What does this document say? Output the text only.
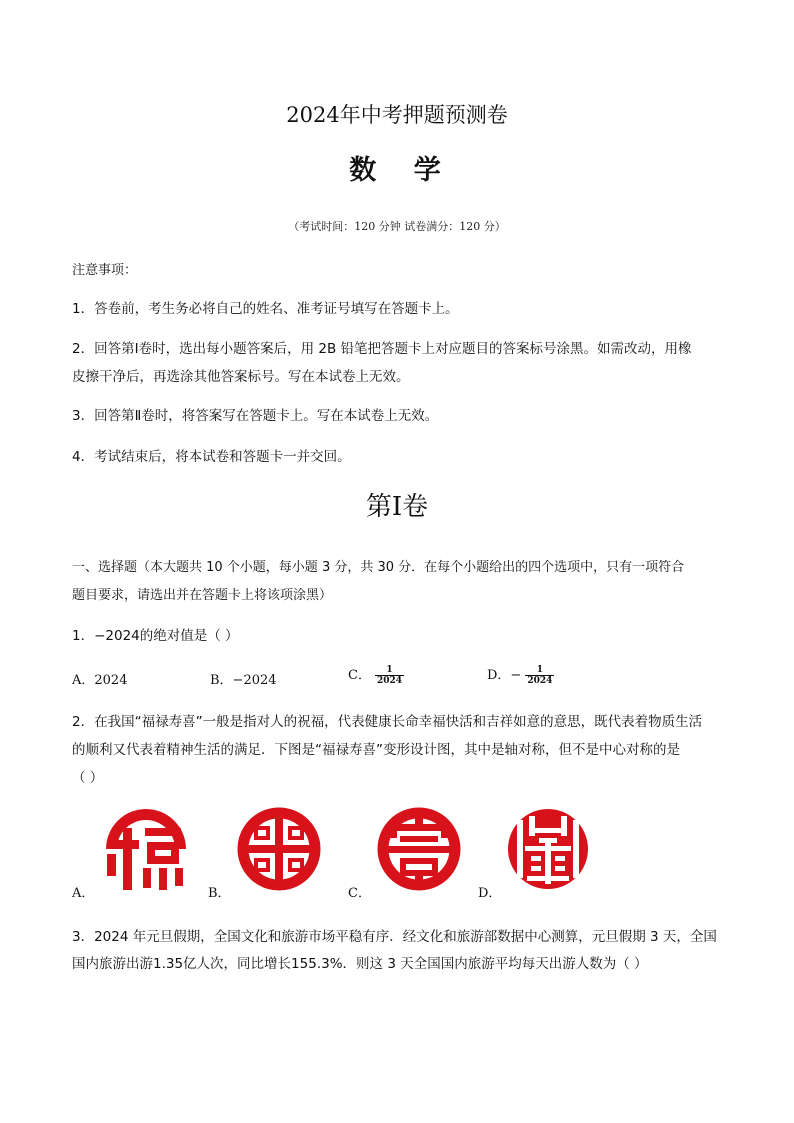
2024年中考押题预测卷
数 学
（考试时间：120 分钟 试卷满分：120 分）
注意事项：
1．答卷前，考生务必将自己的姓名、准考证号填写在答题卡上。
2．回答第Ⅰ卷时，选出每小题答案后，用 2B 铅笔把答题卡上对应题目的答案标号涂黑。如需改动，用橡
皮擦干净后，再选涂其他答案标号。写在本试卷上无效。
3．回答第Ⅱ卷时，将答案写在答题卡上。写在本试卷上无效。
4．考试结束后，将本试卷和答题卡一并交回。
第Ⅰ卷
一、选择题（本大题共 10 个小题，每小题 3 分，共 30 分．在每个小题给出的四个选项中，只有一项符合
题目要求，请选出并在答题卡上将该项涂黑）
1．−2024的绝对值是（ ）
A．2024	B．−2024	C． $\frac{1}{2024}$	D．− $\frac{1}{2024}$
2．在我国“福禄寿喜”一般是指对人的祝福，代表健康长命幸福快活和吉祥如意的意思，既代表着物质生活
的顺利又代表着精神生活的满足．下图是“福禄寿喜”变形设计图，其中是轴对称，但不是中心对称的是
（ ）
A．	B．	C．	D．
3．2024 年元旦假期，全国文化和旅游市场平稳有序．经文化和旅游部数据中心测算，元旦假期 3 天，全国
国内旅游出游1.35亿人次，同比增长155.3%．则这 3 天全国国内旅游平均每天出游人数为（ ）
